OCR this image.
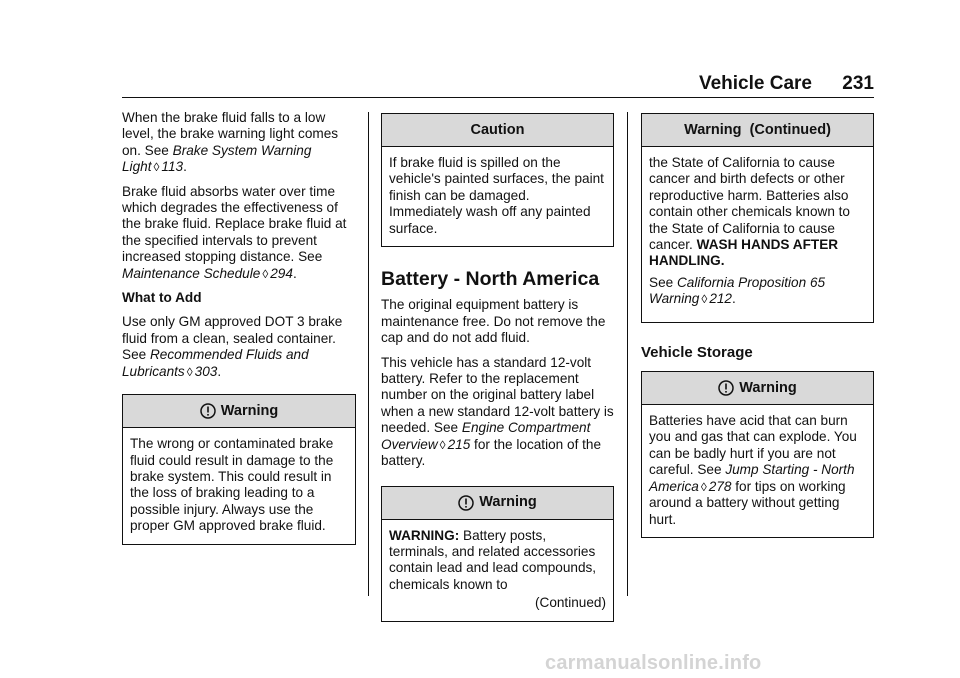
Vehicle Care 231

When the brake fluid falls to a low level, the brake warning light comes on. See Brake System Warning Light ◊ 113.

Brake fluid absorbs water over time which degrades the effectiveness of the brake fluid. Replace brake fluid at the specified intervals to prevent increased stopping distance. See Maintenance Schedule ◊ 294.

What to Add

Use only GM approved DOT 3 brake fluid from a clean, sealed container. See Recommended Fluids and Lubricants ◊ 303.

Warning
The wrong or contaminated brake fluid could result in damage to the brake system. This could result in the loss of braking leading to a possible injury. Always use the proper GM approved brake fluid.
Caution
If brake fluid is spilled on the vehicle's painted surfaces, the paint finish can be damaged. Immediately wash off any painted surface.
Battery - North America

The original equipment battery is maintenance free. Do not remove the cap and do not add fluid.

This vehicle has a standard 12-volt battery. Refer to the replacement number on the original battery label when a new standard 12-volt battery is needed. See Engine Compartment Overview ◊ 215 for the location of the battery.

Warning
WARNING: Battery posts, terminals, and related accessories contain lead and lead compounds, chemicals known to
(Continued)
Warning  (Continued)

the State of California to cause cancer and birth defects or other reproductive harm. Batteries also contain other chemicals known to the State of California to cause cancer. WASH HANDS AFTER HANDLING.

See California Proposition 65 Warning ◊ 212.

Vehicle Storage
Warning
Batteries have acid that can burn you and gas that can explode. You can be badly hurt if you are not careful. See Jump Starting - North America ◊ 278 for tips on working around a battery without getting hurt.
carmanualsonline.info
